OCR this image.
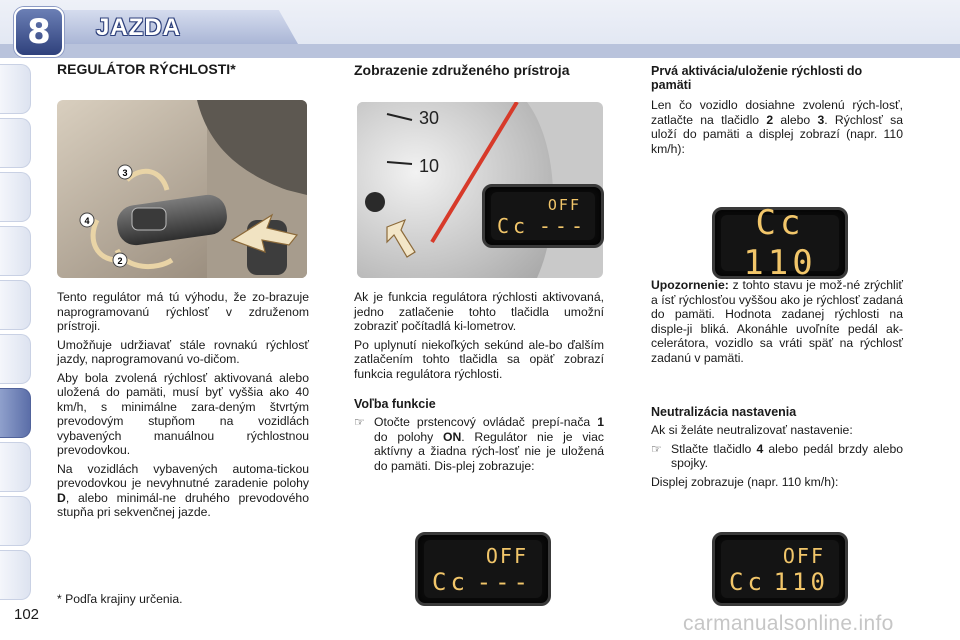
8	JAZDA
REGULÁTOR RÝCHLOSTI*
3
4
2

Tento regulátor má tú výhodu, že zo-brazuje naprogramovanú rýchlosť v združenom prístroji.

Umožňuje udržiavať stále rovnakú rýchlosť jazdy, naprogramovanú vo-dičom.

Aby bola zvolená rýchlosť aktivovaná alebo uložená do pamäti, musí byť vyššia ako 40 km/h, s minimálne zara-deným štvrtým prevodovým stupňom na vozidlách vybavených manuálnou rýchlostnou prevodovkou.

Na vozidlách vybavených automa-tickou prevodovkou je nevyhnutné zaradenie polohy D, alebo minimál-ne druhého prevodového stupňa pri sekvenčnej jazde.

* Podľa krajiny určenia.
Zobrazenie združeného prístroja
30
10
OFF
Cc ---

Ak je funkcia regulátora rýchlosti aktivovaná, jedno zatlačenie tohto tlačidla umožní zobraziť počítadlá ki-lometrov.

Po uplynutí niekoľkých sekúnd ale-bo ďalším zatlačením tohto tlačidla sa opäť zobrazí funkcia regulátora rýchlosti.

Voľba funkcie
☞ Otočte prstencový ovládač prepí-nača 1 do polohy ON. Regulátor nie je viac aktívny a žiadna rých-losť nie je uložená do pamäti. Dis-plej zobrazuje:
OFF
Cc ---
Prvá aktivácia/uloženie rýchlosti do pamäti

Len čo vozidlo dosiahne zvolenú rých-losť, zatlačte na tlačidlo 2 alebo 3. Rýchlosť sa uloží do pamäti a displej zobrazí (napr. 110 km/h):

Cc 110

Upozornenie: z tohto stavu je mož-né zrýchliť a ísť rýchlosťou vyššou ako je rýchlosť zadaná do pamäti. Hodnota zadanej rýchlosti na disple-ji bliká. Akonáhle uvoľníte pedál ak-celerátora, vozidlo sa vráti späť na rýchlosť zadanú v pamäti.

Neutralizácia nastavenia

Ak si želáte neutralizovať nastavenie:

☞ Stlačte tlačidlo 4 alebo pedál brzdy alebo spojky.

Displej zobrazuje (napr. 110 km/h):

OFF
Cc 110
102	carmanualsonline.info
